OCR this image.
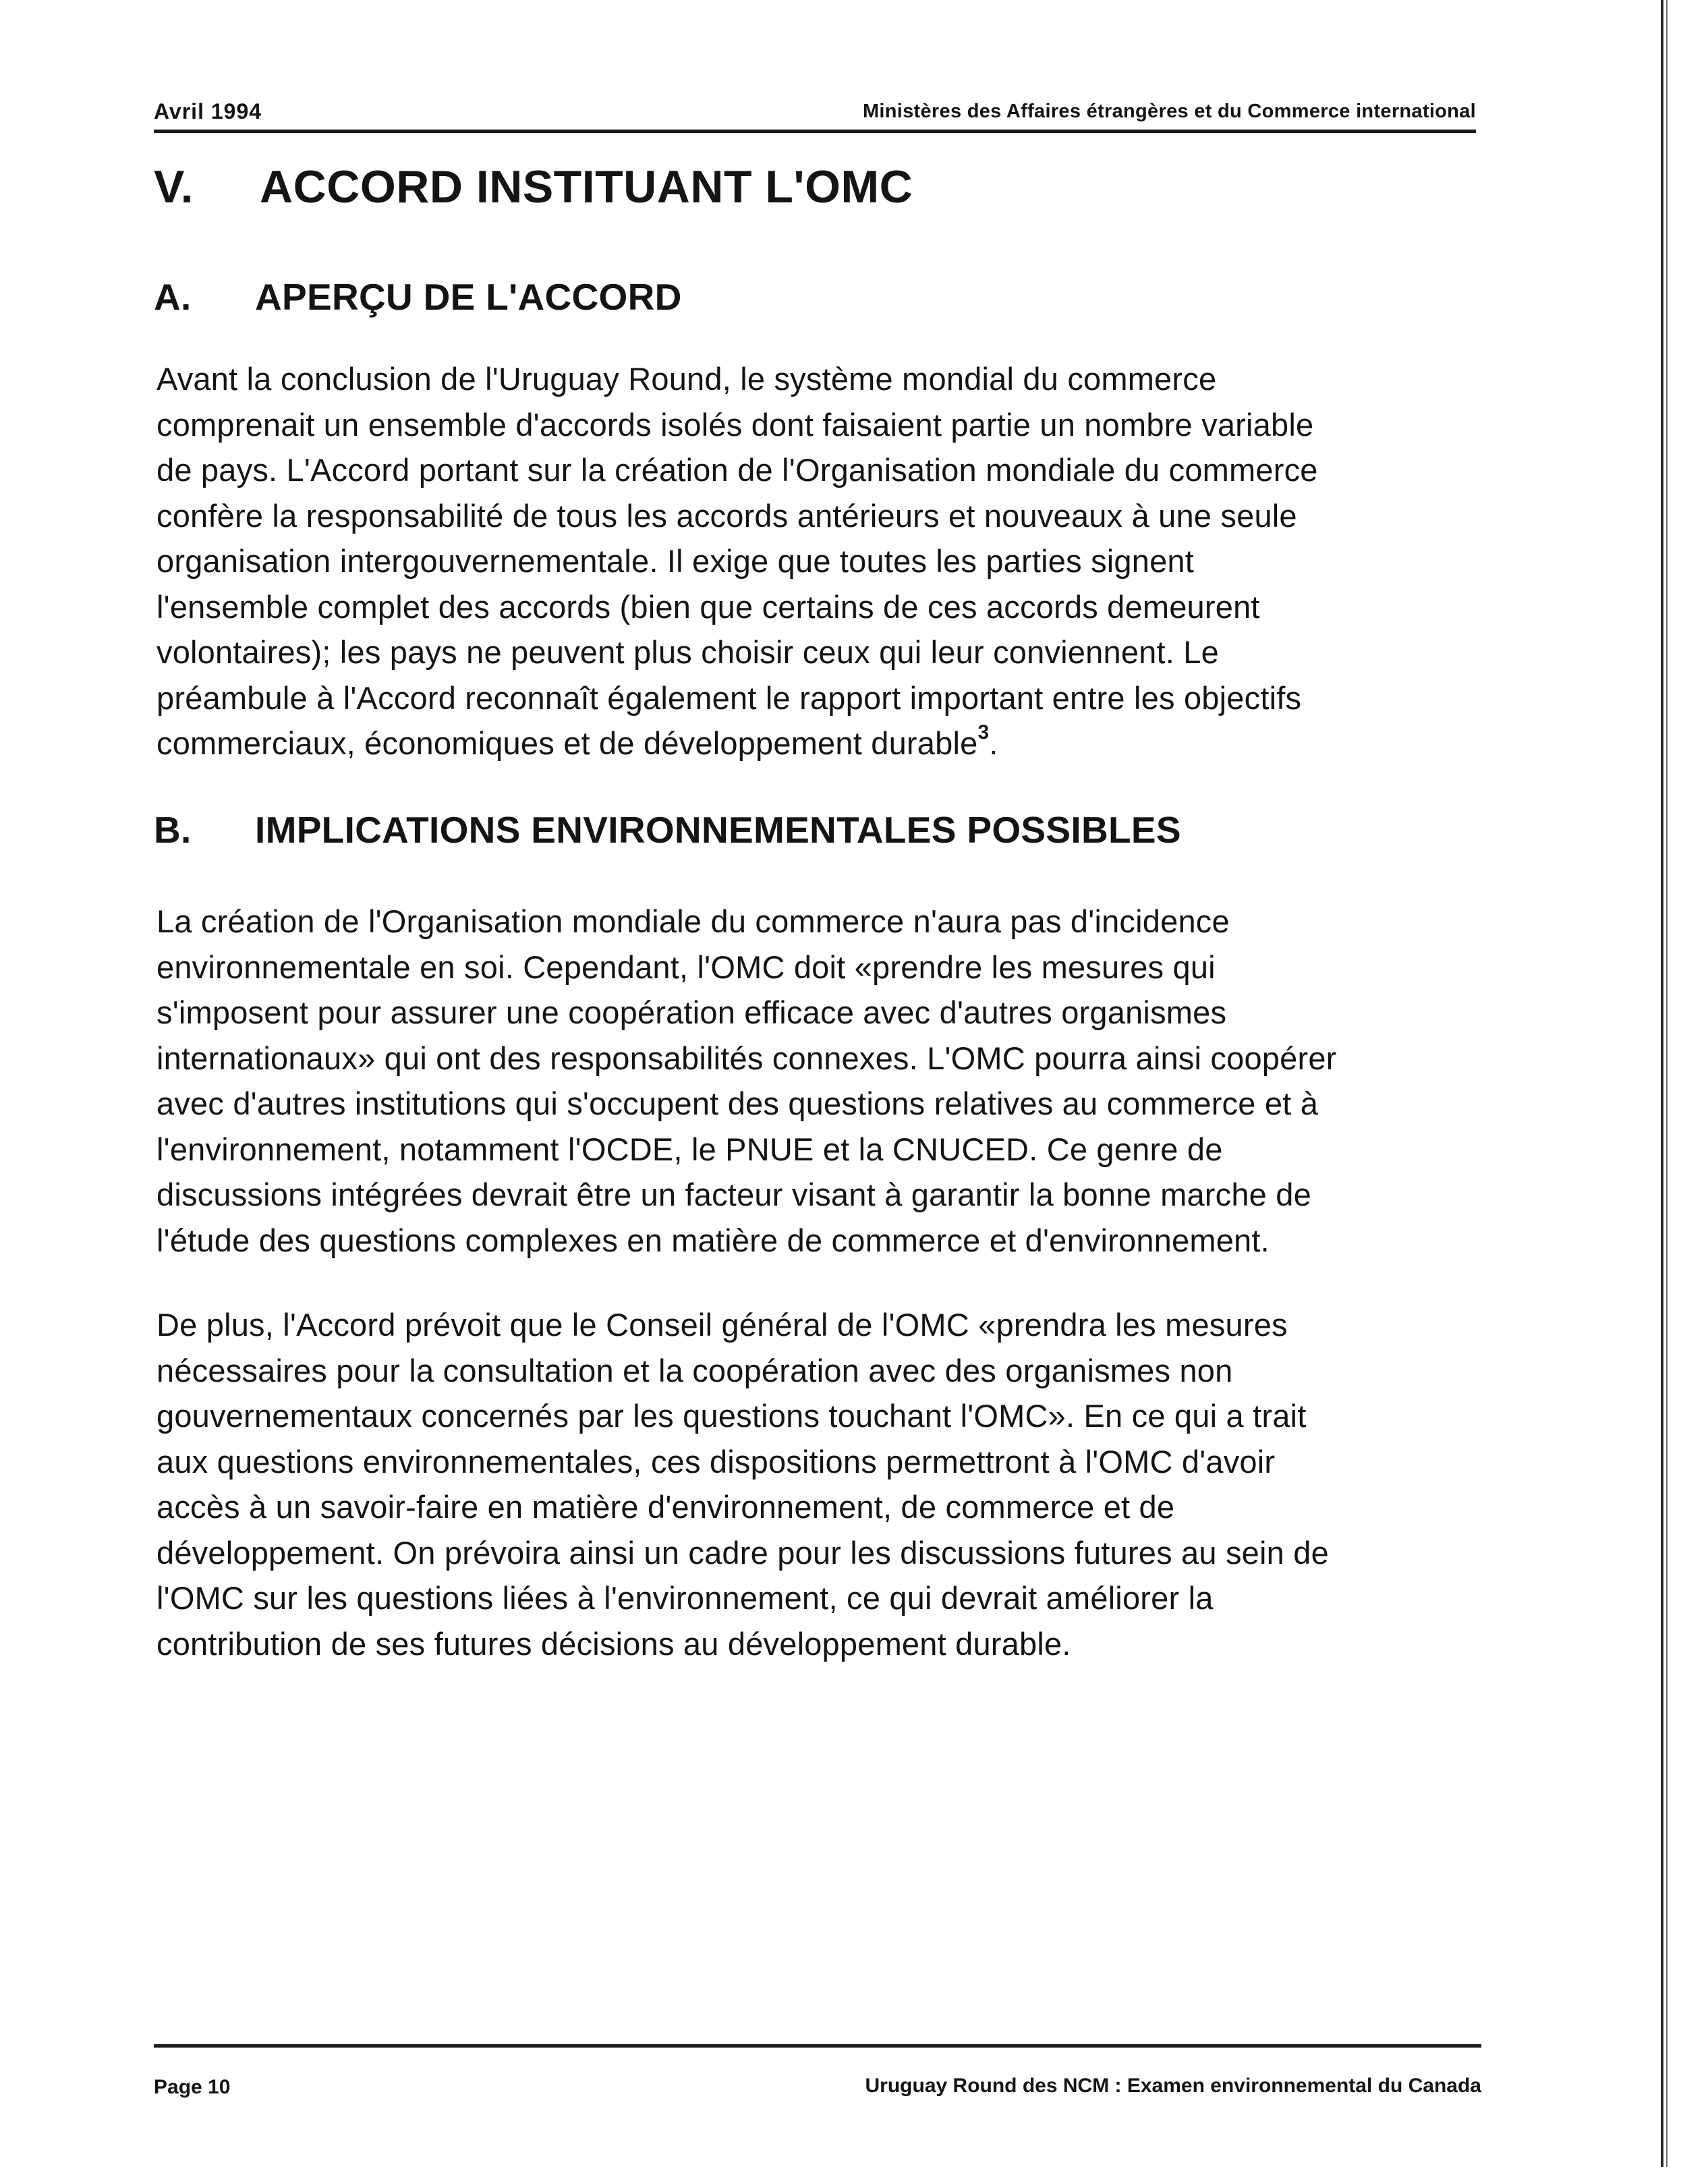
Avril 1994	Ministères des Affaires étrangères et du Commerce international
V. ACCORD INSTITUANT L'OMC
A. APERÇU DE L'ACCORD
Avant la conclusion de l'Uruguay Round, le système mondial du commerce
comprenait un ensemble d'accords isolés dont faisaient partie un nombre variable
de pays. L'Accord portant sur la création de l'Organisation mondiale du commerce
confère la responsabilité de tous les accords antérieurs et nouveaux à une seule
organisation intergouvernementale. Il exige que toutes les parties signent
l'ensemble complet des accords (bien que certains de ces accords demeurent
volontaires); les pays ne peuvent plus choisir ceux qui leur conviennent. Le
préambule à l'Accord reconnaît également le rapport important entre les objectifs
commerciaux, économiques et de développement durable$^3$.
B. IMPLICATIONS ENVIRONNEMENTALES POSSIBLES
La création de l'Organisation mondiale du commerce n'aura pas d'incidence
environnementale en soi. Cependant, l'OMC doit «prendre les mesures qui
s'imposent pour assurer une coopération efficace avec d'autres organismes
internationaux» qui ont des responsabilités connexes. L'OMC pourra ainsi coopérer
avec d'autres institutions qui s'occupent des questions relatives au commerce et à
l'environnement, notamment l'OCDE, le PNUE et la CNUCED. Ce genre de
discussions intégrées devrait être un facteur visant à garantir la bonne marche de
l'étude des questions complexes en matière de commerce et d'environnement.
De plus, l'Accord prévoit que le Conseil général de l'OMC «prendra les mesures
nécessaires pour la consultation et la coopération avec des organismes non
gouvernementaux concernés par les questions touchant l'OMC». En ce qui a trait
aux questions environnementales, ces dispositions permettront à l'OMC d'avoir
accès à un savoir-faire en matière d'environnement, de commerce et de
développement. On prévoira ainsi un cadre pour les discussions futures au sein de
l'OMC sur les questions liées à l'environnement, ce qui devrait améliorer la
contribution de ses futures décisions au développement durable.
Page 10	Uruguay Round des NCM : Examen environnemental du Canada
